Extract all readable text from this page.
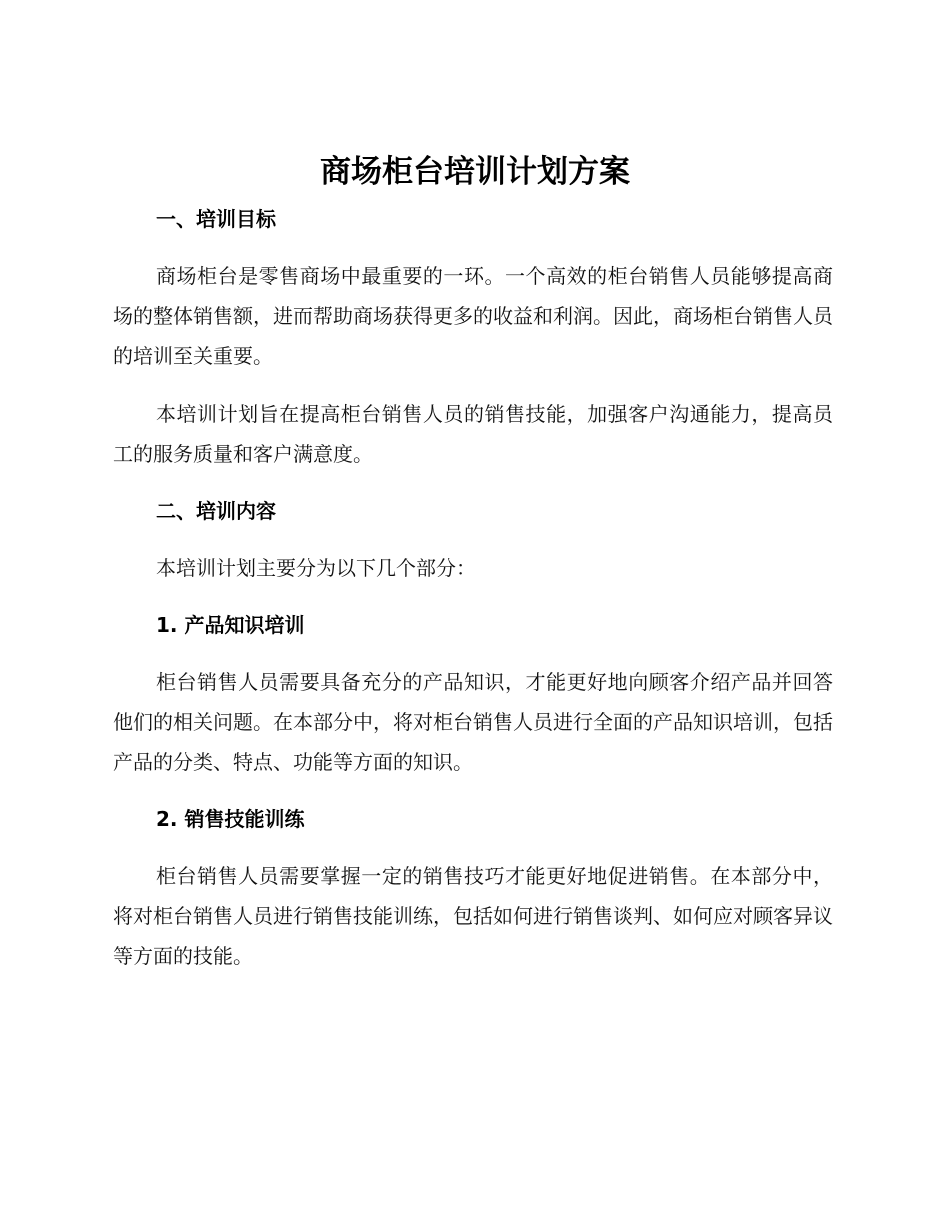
商场柜台培训计划方案

一、培训目标

商场柜台是零售商场中最重要的一环。一个高效的柜台销售人员能够提高商场的整体销售额，进而帮助商场获得更多的收益和利润。因此，商场柜台销售人员的培训至关重要。

本培训计划旨在提高柜台销售人员的销售技能，加强客户沟通能力，提高员工的服务质量和客户满意度。

二、培训内容

本培训计划主要分为以下几个部分：

1. 产品知识培训

柜台销售人员需要具备充分的产品知识，才能更好地向顾客介绍产品并回答他们的相关问题。在本部分中，将对柜台销售人员进行全面的产品知识培训，包括产品的分类、特点、功能等方面的知识。

2. 销售技能训练

柜台销售人员需要掌握一定的销售技巧才能更好地促进销售。在本部分中，将对柜台销售人员进行销售技能训练，包括如何进行销售谈判、如何应对顾客异议等方面的技能。
